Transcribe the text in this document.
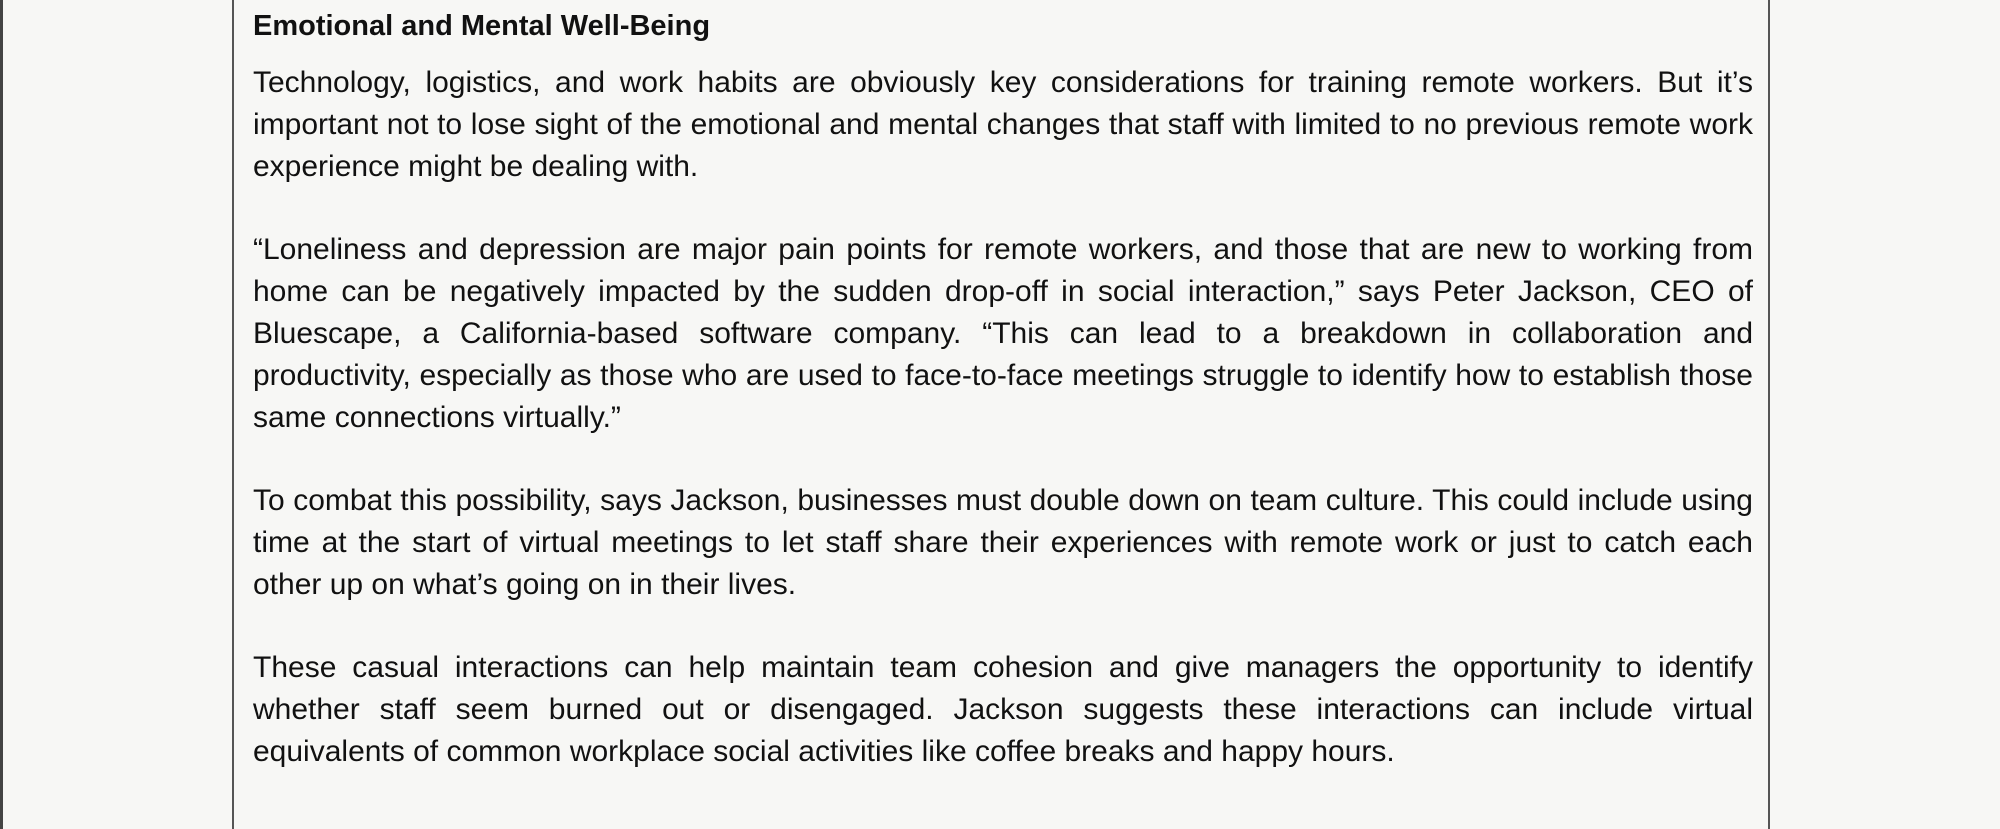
Emotional and Mental Well-Being

Technology, logistics, and work habits are obviously key considerations for training remote workers. But it’s important not to lose sight of the emotional and mental changes that staff with limited to no previous remote work experience might be dealing with.

“Loneliness and depression are major pain points for remote workers, and those that are new to working from home can be negatively impacted by the sudden drop-off in social interaction,” says Peter Jackson, CEO of Bluescape, a California-based software company. “This can lead to a breakdown in collaboration and productivity, especially as those who are used to face-to-face meetings struggle to identify how to establish those same connections virtually.”

To combat this possibility, says Jackson, businesses must double down on team culture. This could include using time at the start of virtual meetings to let staff share their experiences with remote work or just to catch each other up on what’s going on in their lives.

These casual interactions can help maintain team cohesion and give managers the opportunity to identify whether staff seem burned out or disengaged. Jackson suggests these interactions can include virtual equivalents of common workplace social activities like coffee breaks and happy hours.
